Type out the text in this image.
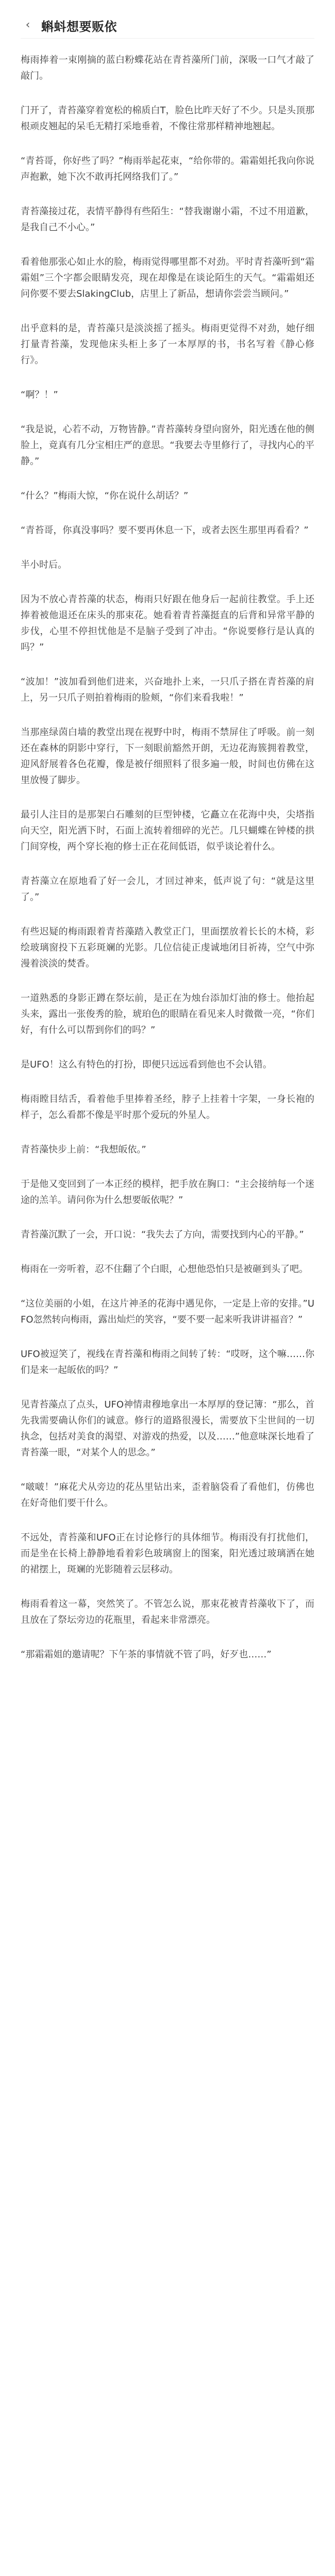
‹ 蝌蚪想要贩依

梅雨捧着一束刚摘的蓝白粉蝶花站在青苔藻所门前，深吸一口气才敲了敲门。

门开了，青苔藻穿着宽松的棉质白T，脸色比昨天好了不少。只是头顶那根顽皮翘起的呆毛无精打采地垂着，不像往常那样精神地翘起。

“青苔哥，你好些了吗？”梅雨举起花束，“给你带的。霜霜姐托我向你说声抱歉，她下次不敢再托网络我们了。”

青苔藻接过花，表情平静得有些陌生：“替我谢谢小霜，不过不用道歉，是我自己不小心。”

看着他那张心如止水的脸，梅雨觉得哪里都不对劲。平时青苔藻听到“霜霜姐”三个字都会眼睛发亮，现在却像是在谈论陌生的天气。“霜霜姐还问你要不要去SlakingClub，店里上了新品，想请你尝尝当顾问。”

出乎意料的是，青苔藻只是淡淡摇了摇头。梅雨更觉得不对劲，她仔细打量青苔藻，发现他床头柜上多了一本厚厚的书，书名写着《静心修行》。

“啊？！”

“我是说，心若不动，万物皆静。”青苔藻转身望向窗外，阳光透在他的侧脸上，竟真有几分宝相庄严的意思。“我要去寺里修行了，寻找内心的平静。”

“什么？”梅雨大惊，“你在说什么胡话？”

“青苔哥，你真没事吗？要不要再休息一下，或者去医生那里再看看？”

半小时后。

因为不放心青苔藻的状态，梅雨只好跟在他身后一起前往教堂。手上还捧着被他退还在床头的那束花。她看着青苔藻挺直的后背和异常平静的步伐，心里不停担忧他是不是脑子受到了冲击。“你说要修行是认真的吗？”

“波加！”波加看到他们进来，兴奋地扑上来，一只爪子搭在青苔藻的肩上，另一只爪子则拍着梅雨的脸颊，“你们来看我啦！”

当那座绿茵白墙的教堂出现在视野中时，梅雨不禁屏住了呼吸。前一刻还在森林的阴影中穿行，下一刻眼前豁然开朗，无边花海簇拥着教堂，迎风舒展着各色花瓣，像是被仔细照料了很多遍一般，时间也仿佛在这里放慢了脚步。

最引人注目的是那架白石雕刻的巨型钟楼，它矗立在花海中央，尖塔指向天空，阳光洒下时，石面上流转着细碎的光芒。几只蝴蝶在钟楼的拱门间穿梭，两个穿长袍的修士正在花间低语，似乎谈论着什么。

青苔藻立在原地看了好一会儿，才回过神来，低声说了句：“就是这里了。”

有些迟疑的梅雨跟着青苔藻踏入教堂正门，里面摆放着长长的木椅，彩绘玻璃窗投下五彩斑斓的光影。几位信徒正虔诚地闭目祈祷，空气中弥漫着淡淡的焚香。

一道熟悉的身影正蹲在祭坛前，是正在为烛台添加灯油的修士。他抬起头来，露出一张俊秀的脸，琥珀色的眼睛在看见来人时微微一亮，“你们好，有什么可以帮到你们的吗？”

是UFO！这么有特色的打扮，即便只远远看到他也不会认错。

梅雨瞠目结舌，看着他手里捧着圣经，脖子上挂着十字架，一身长袍的样子，怎么看都不像是平时那个爱玩的外星人。

青苔藻快步上前：“我想皈依。”

于是他又变回到了一本正经的模样，把手放在胸口：“主会接纳每一个迷途的羔羊。请问你为什么想要皈依呢？”

青苔藻沉默了一会，开口说：“我失去了方向，需要找到内心的平静。”

梅雨在一旁听着，忍不住翻了个白眼，心想他恐怕只是被砸到头了吧。

“这位美丽的小姐，在这片神圣的花海中遇见你，一定是上帝的安排。”UFO忽然转向梅雨，露出灿烂的笑容，“要不要一起来听我讲讲福音？”

UFO被逗笑了，视线在青苔藻和梅雨之间转了转：“哎呀，这个嘛……你们是来一起皈依的吗？”

见青苔藻点了点头，UFO神情肃穆地拿出一本厚厚的登记簿：“那么，首先我需要确认你们的诚意。修行的道路很漫长，需要放下尘世间的一切执念，包括对美食的渴望、对游戏的热爱，以及……”他意味深长地看了青苔藻一眼，“对某个人的思念。”

“啵啵！”麻花犬从旁边的花丛里钻出来，歪着脑袋看了看他们，仿佛也在好奇他们要干什么。

不远处，青苔藻和UFO正在讨论修行的具体细节。梅雨没有打扰他们，而是坐在长椅上静静地看着彩色玻璃窗上的图案，阳光透过玻璃洒在她的裙摆上，斑斓的光影随着云层移动。

梅雨看着这一幕，突然笑了。不管怎么说，那束花被青苔藻收下了，而且放在了祭坛旁边的花瓶里，看起来非常漂亮。

“那霜霜姐的邀请呢？下午茶的事情就不管了吗，好歹也……”
